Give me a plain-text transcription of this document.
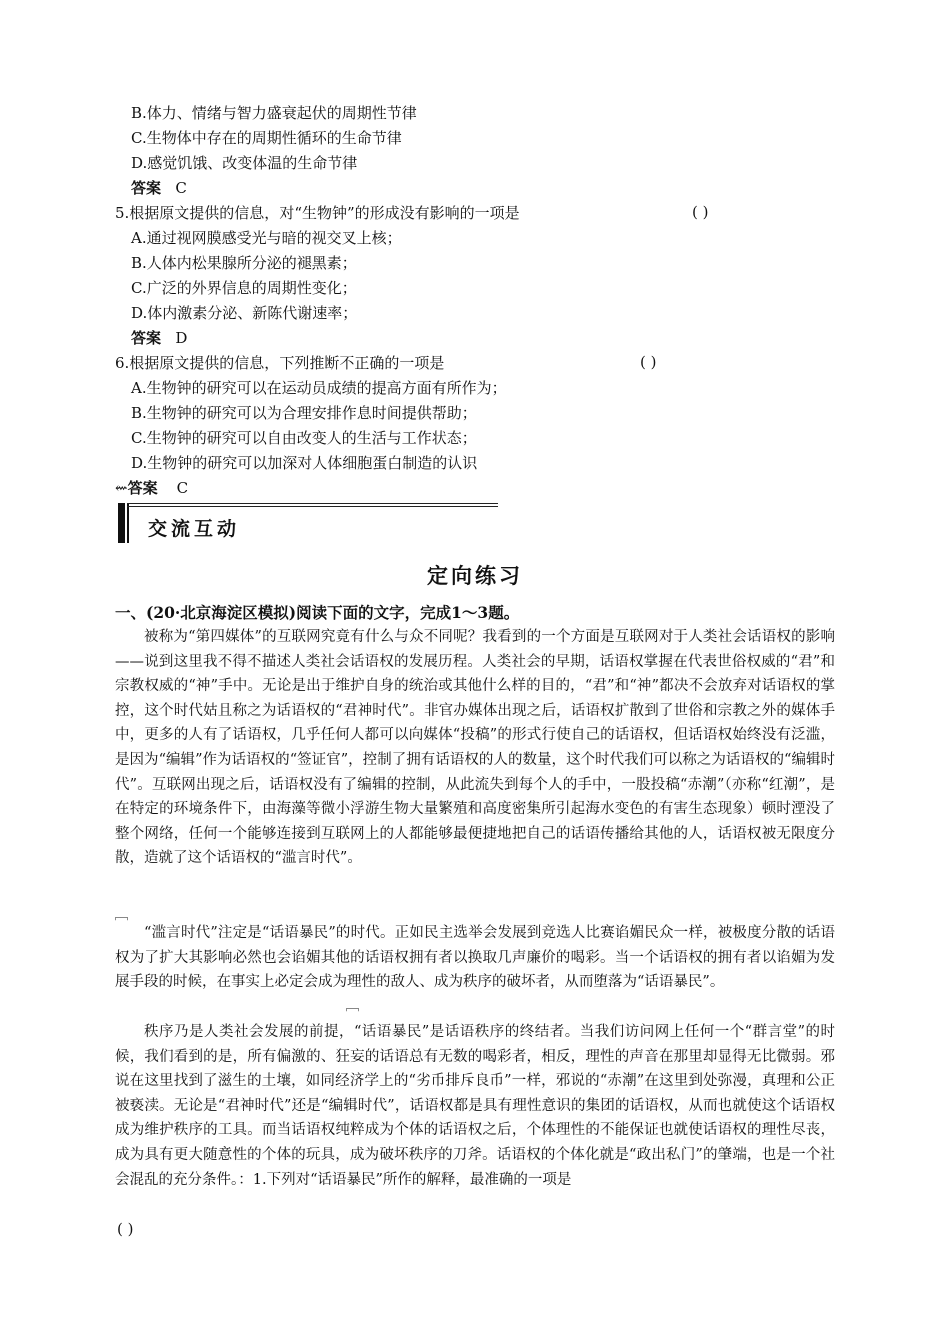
B.体力、情绪与智力盛衰起伏的周期性节律
C.生物体中存在的周期性循环的生命节律
D.感觉饥饿、改变体温的生命节律
答案 C
5.根据原文提供的信息，对“生物钟”的形成没有影响的一项是	( )
A.通过视网膜感受光与暗的视交叉上核；
B.人体内松果腺所分泌的褪黑素；
C.广泛的外界信息的周期性变化；
D.体内激素分泌、新陈代谢速率；
答案 D
6.根据原文提供的信息，下列推断不正确的一项是	( )
A.生物钟的研究可以在运动员成绩的提高方面有所作为；
B.生物钟的研究可以为合理安排作息时间提供帮助；
C.生物钟的研究可以自由改变人的生活与工作状态；
D.生物钟的研究可以加深对人体细胞蛋白制造的认识
⇜答案 C
交流互动
定向练习
一、(20·北京海淀区模拟)阅读下面的文字，完成1～3题。
被称为“第四媒体”的互联网究竟有什么与众不同呢？我看到的一个方面是互联网对于人类社会话语权的影响——说到这里我不得不描述人类社会话语权的发展历程。人类社会的早期，话语权掌握在代表世俗权威的“君”和宗教权威的“神”手中。无论是出于维护自身的统治或其他什么样的目的，“君”和“神”都决不会放弃对话语权的掌控，这个时代姑且称之为话语权的“君神时代”。非官办媒体出现之后，话语权扩散到了世俗和宗教之外的媒体手中，更多的人有了话语权，几乎任何人都可以向媒体“投稿”的形式行使自己的话语权，但话语权始终没有泛滥，是因为“编辑”作为话语权的“签证官”，控制了拥有话语权的人的数量，这个时代我们可以称之为话语权的“编辑时代”。互联网出现之后，话语权没有了编辑的控制，从此流失到每个人的手中，一股投稿“赤潮”（亦称“红潮”，是在特定的环境条件下，由海藻等微小浮游生物大量繁殖和高度密集所引起海水变色的有害生态现象）顿时湮没了整个网络，任何一个能够连接到互联网上的人都能够最便捷地把自己的话语传播给其他的人，话语权被无限度分散，造就了这个话语权的“滥言时代”。
﹇
“滥言时代”注定是“话语暴民”的时代。正如民主选举会发展到竞选人比赛谄媚民众一样，被极度分散的话语权为了扩大其影响必然也会谄媚其他的话语权拥有者以换取几声廉价的喝彩。当一个话语权的拥有者以谄媚为发展手段的时候，在事实上必定会成为理性的敌人、成为秩序的破坏者，从而堕落为“话语暴民”。
﹇
秩序乃是人类社会发展的前提，“话语暴民”是话语秩序的终结者。当我们访问网上任何一个“群言堂”的时候，我们看到的是，所有偏激的、狂妄的话语总有无数的喝彩者，相反，理性的声音在那里却显得无比微弱。邪说在这里找到了滋生的土壤，如同经济学上的“劣币排斥良币”一样，邪说的“赤潮”在这里到处弥漫，真理和公正被亵渎。无论是“君神时代”还是“编辑时代”，话语权都是具有理性意识的集团的话语权，从而也就使这个话语权成为维护秩序的工具。而当话语权纯粹成为个体的话语权之后，个体理性的不能保证也就使话语权的理性尽丧，成为具有更大随意性的个体的玩具，成为破坏秩序的刀斧。话语权的个体化就是“政出私门”的肇端，也是一个社会混乱的充分条件。：1.下列对“话语暴民”所作的解释，最准确的一项是
( )
